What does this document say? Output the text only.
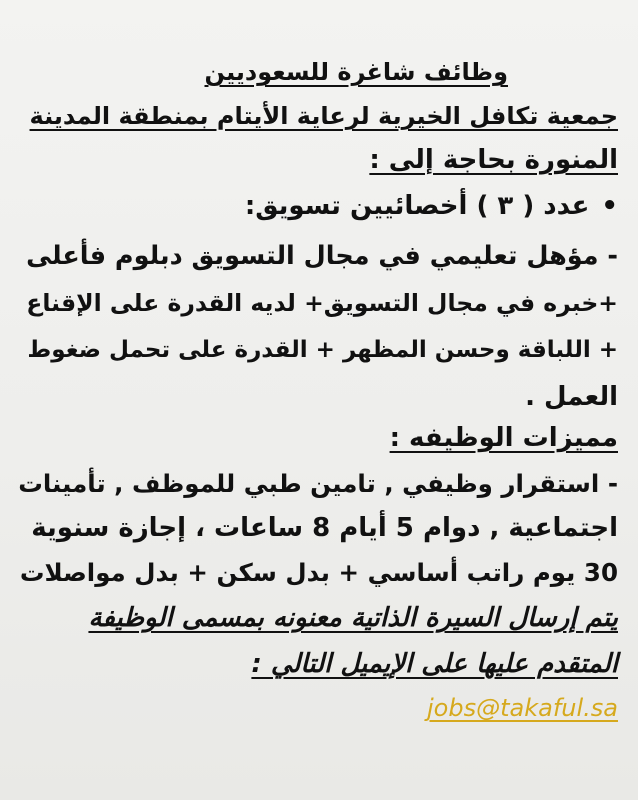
وظائف شاغرة للسعوديين
جمعية تكافل الخيرية لرعاية الأيتام بمنطقة المدينة
المنورة بحاجة إلى :
• عدد ( ٣ ) أخصائيين تسويق:
- مؤهل تعليمي في مجال التسويق دبلوم فأعلى
+خبره في مجال التسويق+ لديه القدرة على الإقناع
+ اللباقة وحسن المظهر + القدرة على تحمل ضغوط
العمل .
مميزات الوظيفه :
- استقرار وظيفي , تامين طبي للموظف , تأمينات
اجتماعية , دوام 5 أيام 8 ساعات ، إجازة سنوية
30 يوم راتب أساسي + بدل سكن + بدل مواصلات
يتم إرسال السيرة الذاتية معنونه بمسمى الوظيفة
المتقدم عليها على الإيميل التالي :
jobs@takaful.sa
